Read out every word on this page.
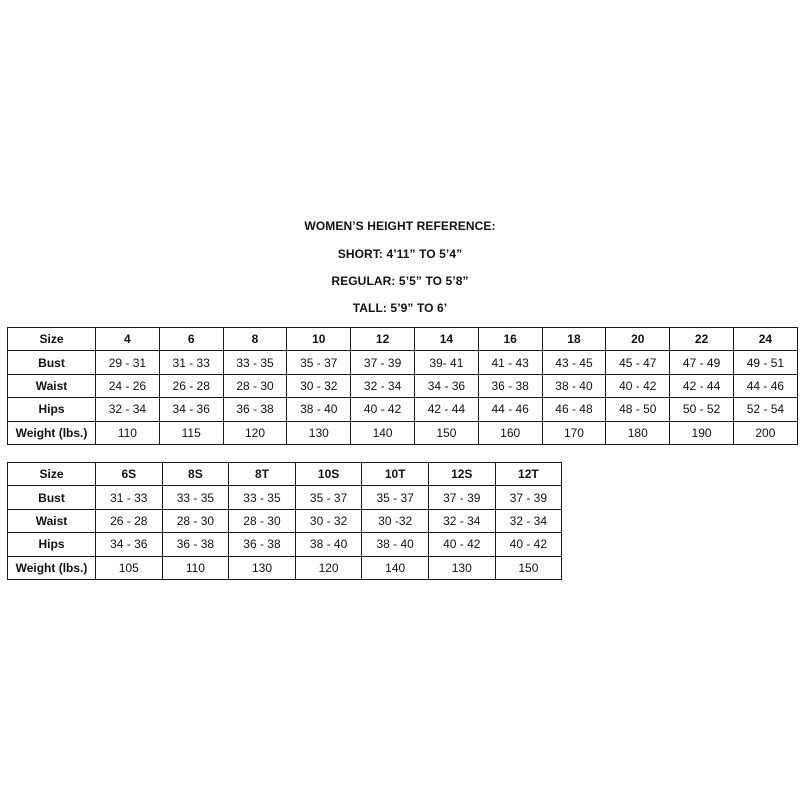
WOMEN’S HEIGHT REFERENCE:
SHORT: 4’11” TO 5’4”
REGULAR: 5’5” TO 5’8”
TALL: 5’9” TO 6’
Size	4	6	8	10	12	14	16	18	20	22	24
Bust	29 - 31	31 - 33	33 - 35	35 - 37	37 - 39	39- 41	41 - 43	43 - 45	45 - 47	47 - 49	49 - 51
Waist	24 - 26	26 - 28	28 - 30	30 - 32	32 - 34	34 - 36	36 - 38	38 - 40	40 - 42	42 - 44	44 - 46
Hips	32 - 34	34 - 36	36 - 38	38 - 40	40 - 42	42 - 44	44 - 46	46 - 48	48 - 50	50 - 52	52 - 54
Weight (lbs.)	110	115	120	130	140	150	160	170	180	190	200
Size	6S	8S	8T	10S	10T	12S	12T
Bust	31 - 33	33 - 35	33 - 35	35 - 37	35 - 37	37 - 39	37 - 39
Waist	26 - 28	28 - 30	28 - 30	30 - 32	30 -32	32 - 34	32 - 34
Hips	34 - 36	36 - 38	36 - 38	38 - 40	38 - 40	40 - 42	40 - 42
Weight (lbs.)	105	110	130	120	140	130	150
